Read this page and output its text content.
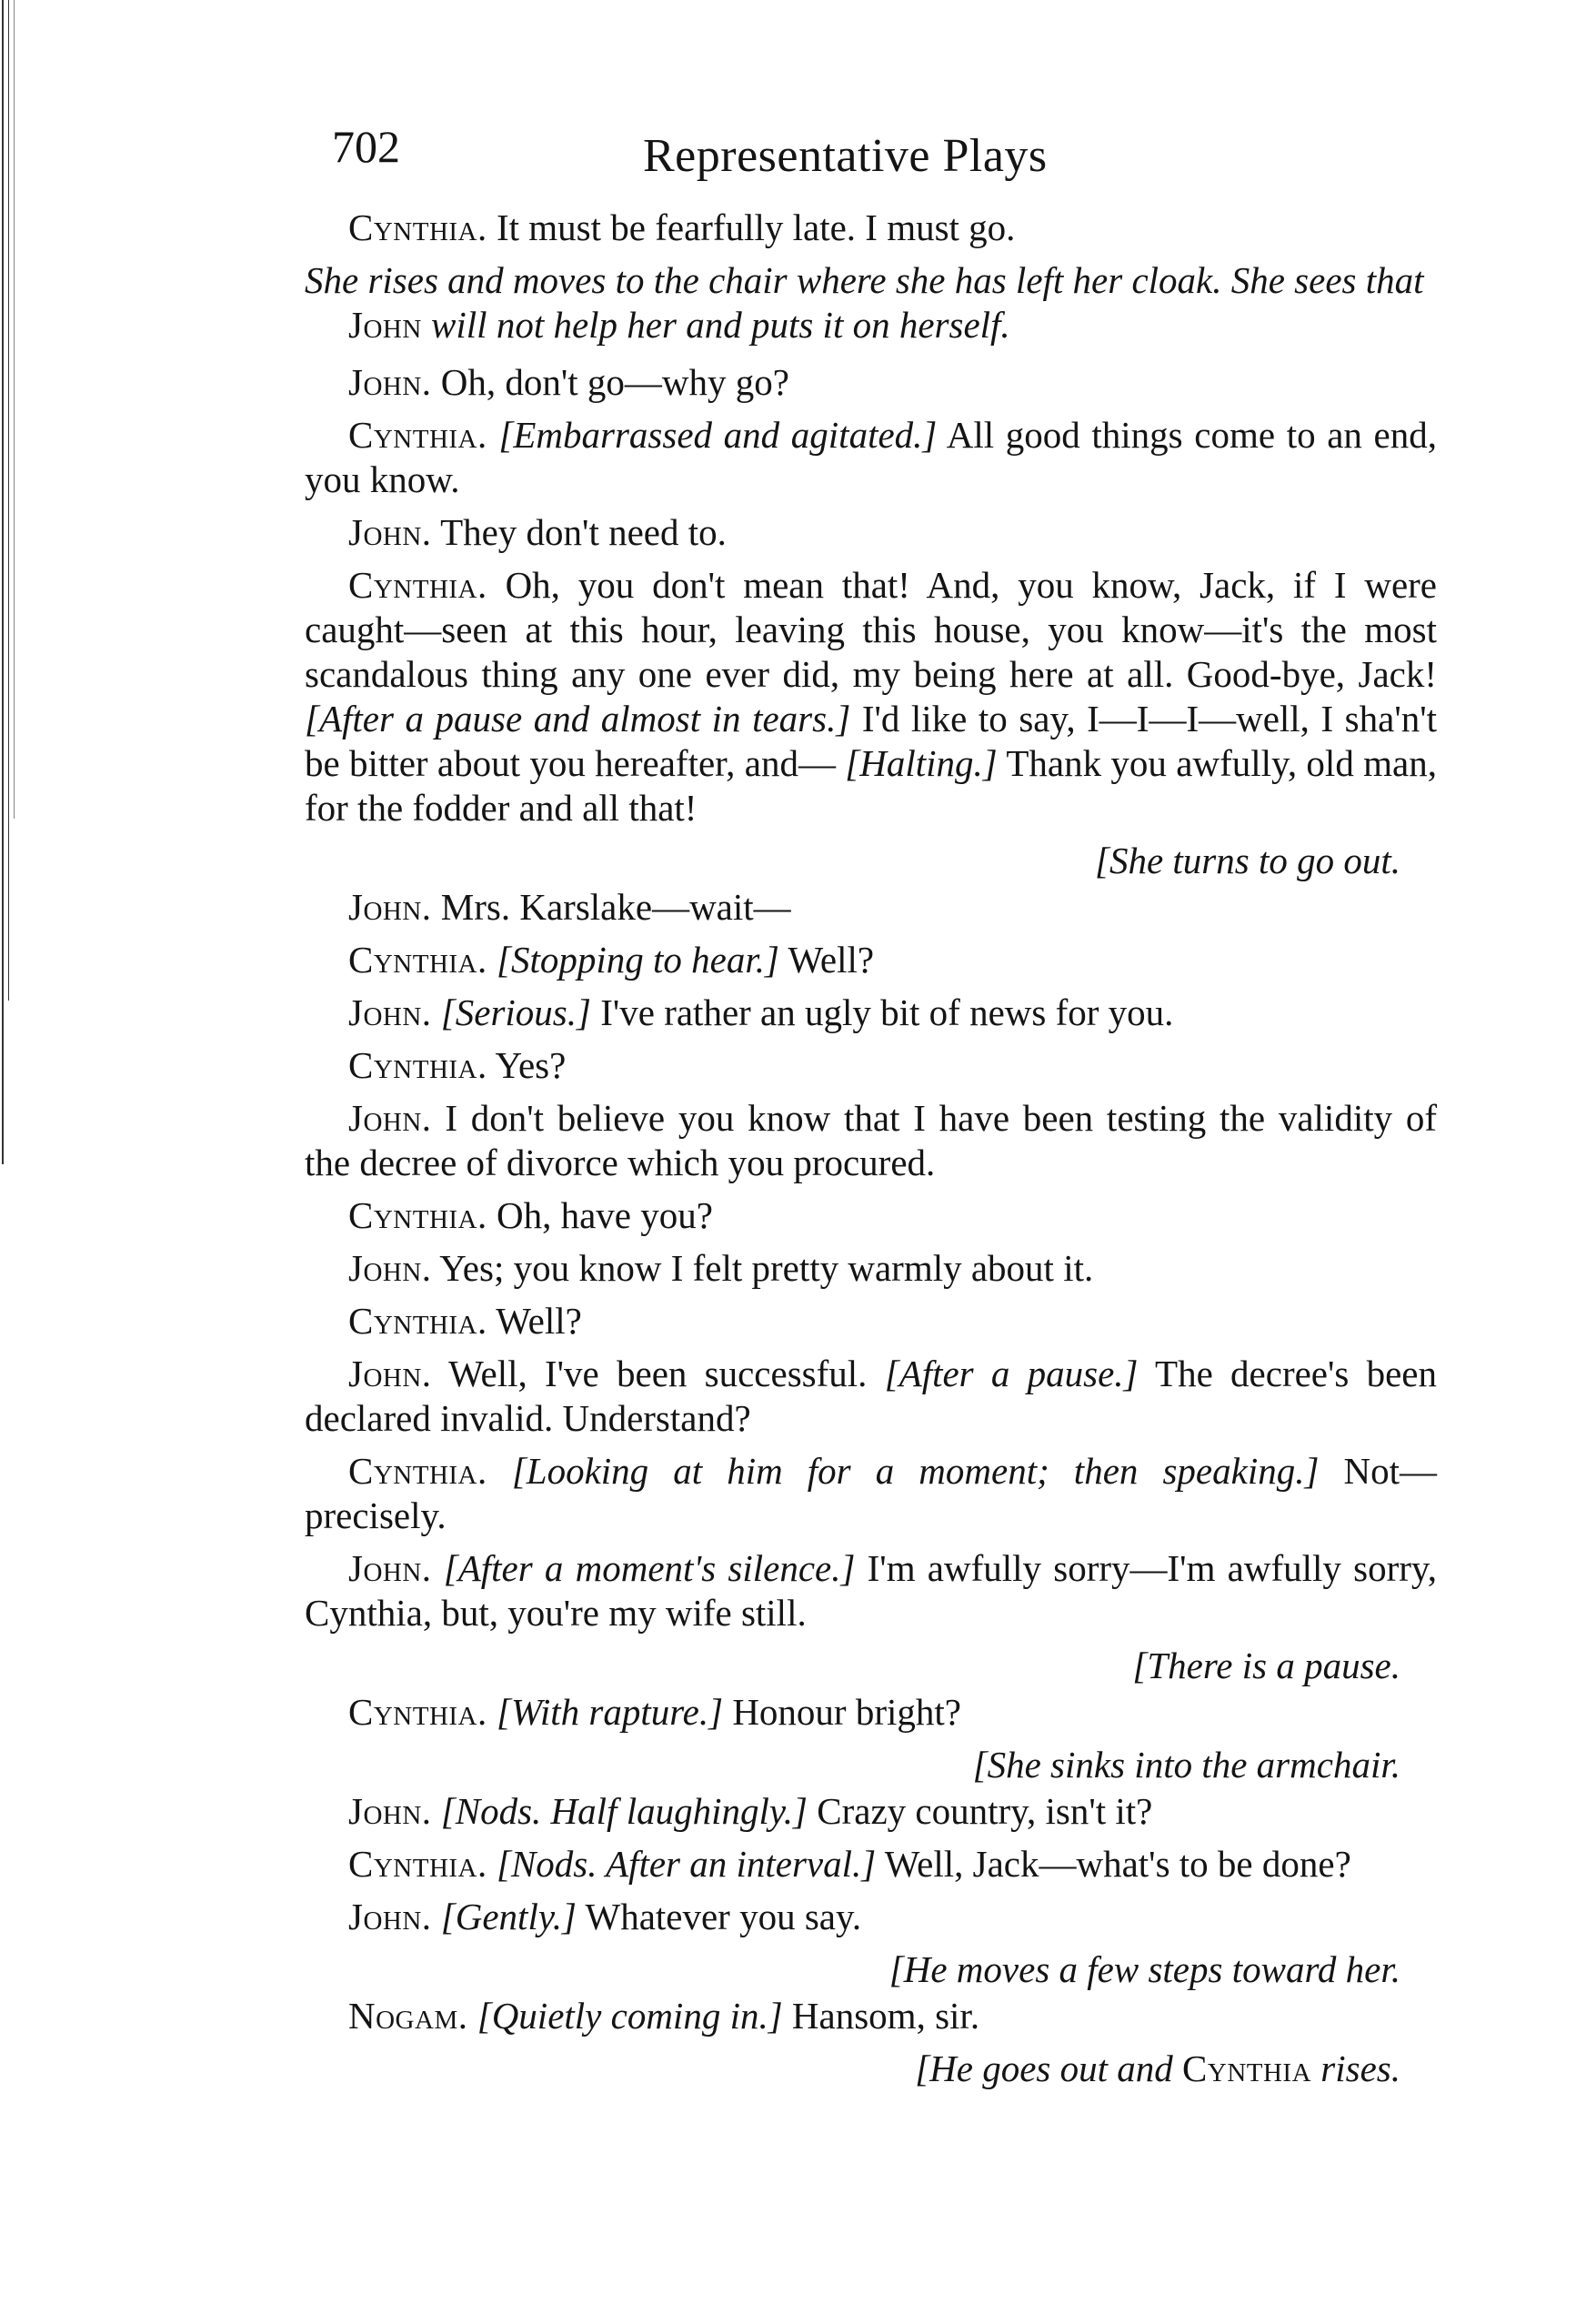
702	Representative Plays

Cynthia. It must be fearfully late. I must go.

She rises and moves to the chair where she has left her cloak. She sees that John will not help her and puts it on herself.

John. Oh, don't go—why go?

Cynthia. [Embarrassed and agitated.] All good things come to an end, you know.

John. They don't need to.

Cynthia. Oh, you don't mean that! And, you know, Jack, if I were caught—seen at this hour, leaving this house, you know—it's the most scandalous thing any one ever did, my being here at all. Good-bye, Jack! [After a pause and almost in tears.] I'd like to say, I—I—I—well, I sha'n't be bitter about you hereafter, and— [Halting.] Thank you awfully, old man, for the fodder and all that!

[She turns to go out.

John. Mrs. Karslake—wait—

Cynthia. [Stopping to hear.] Well?

John. [Serious.] I've rather an ugly bit of news for you.

Cynthia. Yes?

John. I don't believe you know that I have been testing the validity of the decree of divorce which you procured.

Cynthia. Oh, have you?

John. Yes; you know I felt pretty warmly about it.

Cynthia. Well?

John. Well, I've been successful. [After a pause.] The decree's been declared invalid. Understand?

Cynthia. [Looking at him for a moment; then speaking.] Not—precisely.

John. [After a moment's silence.] I'm awfully sorry—I'm awfully sorry, Cynthia, but, you're my wife still.

[There is a pause.

Cynthia. [With rapture.] Honour bright?

[She sinks into the armchair.

John. [Nods. Half laughingly.] Crazy country, isn't it?

Cynthia. [Nods. After an interval.] Well, Jack—what's to be done?

John. [Gently.] Whatever you say.

[He moves a few steps toward her.

Nogam. [Quietly coming in.] Hansom, sir.

[He goes out and Cynthia rises.
